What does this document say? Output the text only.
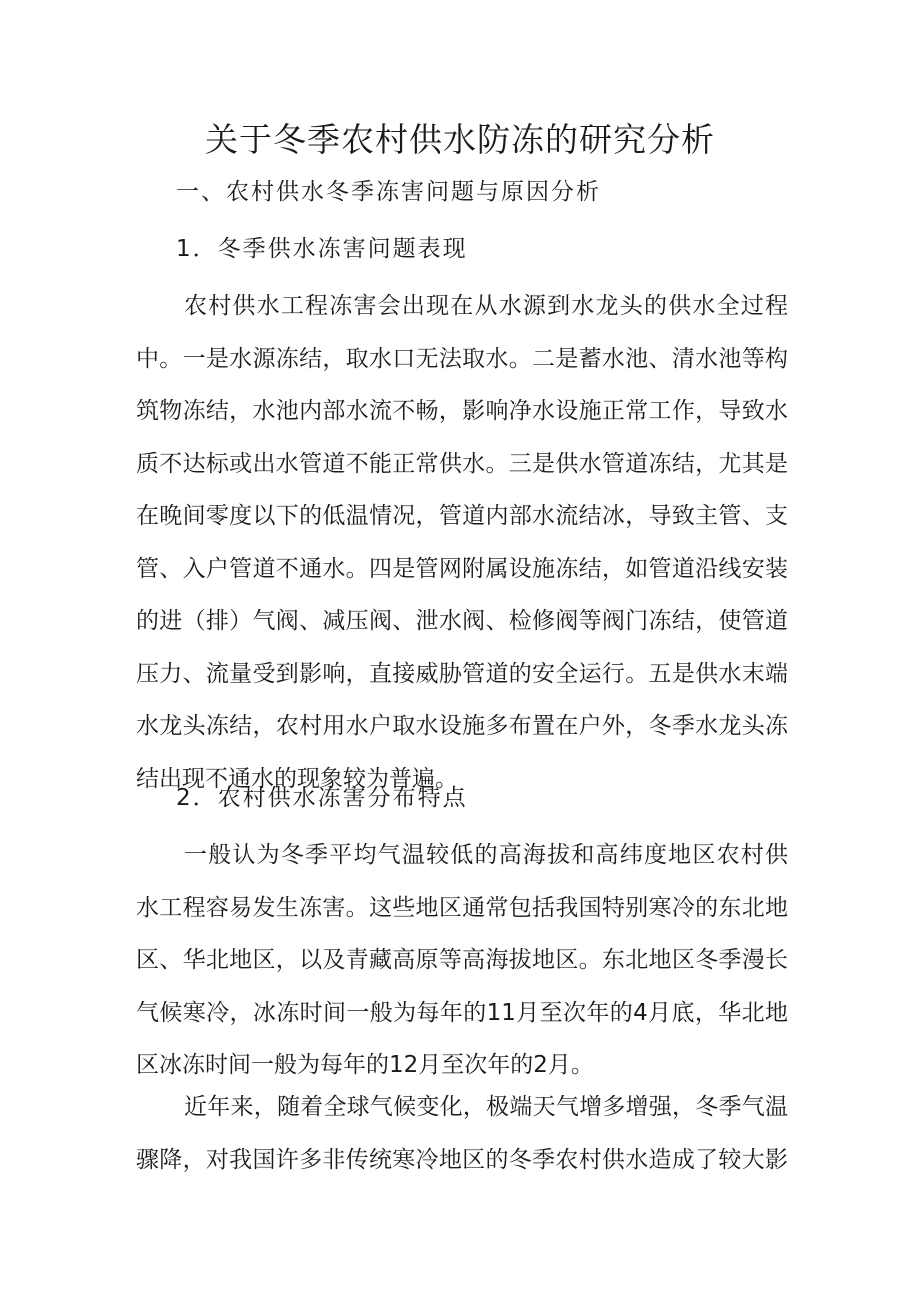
关于冬季农村供水防冻的研究分析
一、农村供水冬季冻害问题与原因分析
1．冬季供水冻害问题表现
农村供水工程冻害会出现在从水源到水龙头的供水全过程
中。一是水源冻结，取水口无法取水。二是蓄水池、清水池等构
筑物冻结，水池内部水流不畅，影响净水设施正常工作，导致水
质不达标或出水管道不能正常供水。三是供水管道冻结，尤其是
在晚间零度以下的低温情况，管道内部水流结冰，导致主管、支
管、入户管道不通水。四是管网附属设施冻结，如管道沿线安装
的进（排）气阀、减压阀、泄水阀、检修阀等阀门冻结，使管道
压力、流量受到影响，直接威胁管道的安全运行。五是供水末端
水龙头冻结，农村用水户取水设施多布置在户外，冬季水龙头冻
结出现不通水的现象较为普遍。
2．农村供水冻害分布特点
一般认为冬季平均气温较低的高海拔和高纬度地区农村供
水工程容易发生冻害。这些地区通常包括我国特别寒冷的东北地
区、华北地区，以及青藏高原等高海拔地区。东北地区冬季漫长
气候寒冷，冰冻时间一般为每年的11月至次年的4月底，华北地
区冰冻时间一般为每年的12月至次年的2月。
近年来，随着全球气候变化，极端天气增多增强，冬季气温
骤降，对我国许多非传统寒冷地区的冬季农村供水造成了较大影
